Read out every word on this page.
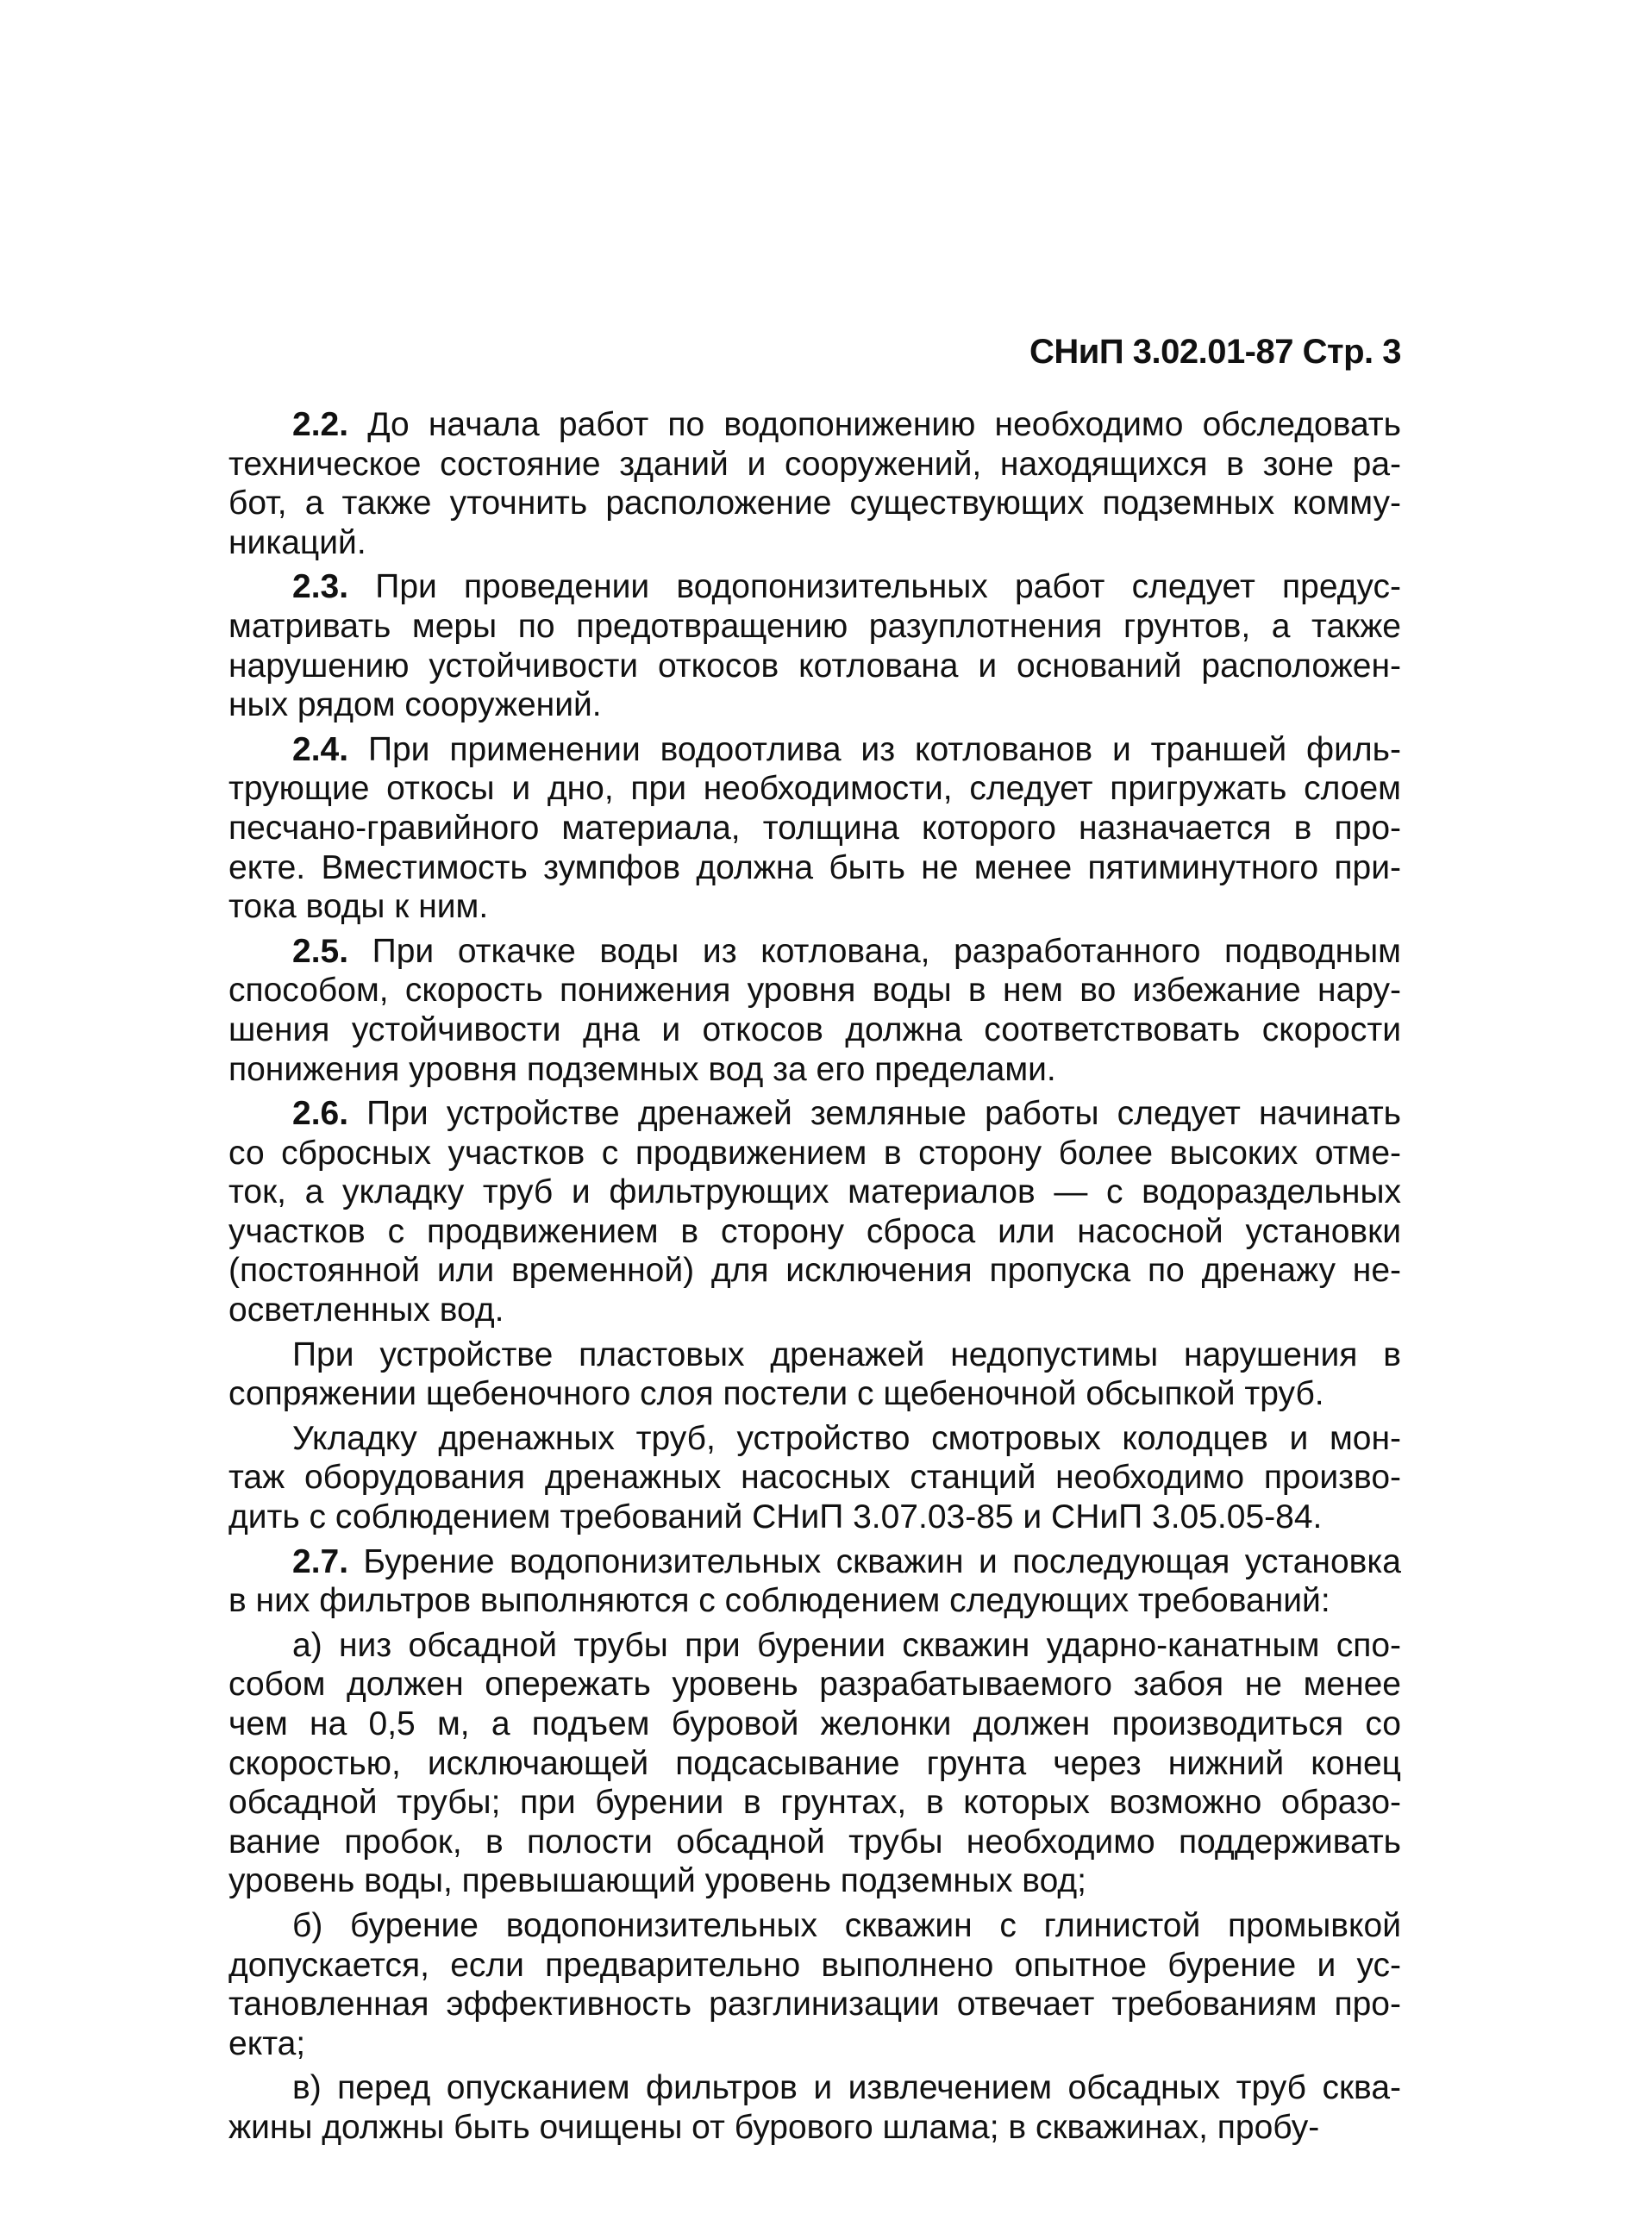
СНиП 3.02.01-87 Стр. 3
2.2. До начала работ по водопонижению необходимо обследовать
техническое состояние зданий и сооружений, находящихся в зоне ра-
бот, а также уточнить расположение существующих подземных комму-
никаций.
2.3. При проведении водопонизительных работ следует предус-
матривать меры по предотвращению разуплотнения грунтов, а также
нарушению устойчивости откосов котлована и оснований расположен-
ных рядом сооружений.
2.4. При применении водоотлива из котлованов и траншей филь-
трующие откосы и дно, при необходимости, следует пригружать слоем
песчано-гравийного материала, толщина которого назначается в про-
екте. Вместимость зумпфов должна быть не менее пятиминутного при-
тока воды к ним.
2.5. При откачке воды из котлована, разработанного подводным
способом, скорость понижения уровня воды в нем во избежание нару-
шения устойчивости дна и откосов должна соответствовать скорости
понижения уровня подземных вод за его пределами.
2.6. При устройстве дренажей земляные работы следует начинать
со сбросных участков с продвижением в сторону более высоких отме-
ток, а укладку труб и фильтрующих материалов — с водораздельных
участков с продвижением в сторону сброса или насосной установки
(постоянной или временной) для исключения пропуска по дренажу не-
осветленных вод.
При устройстве пластовых дренажей недопустимы нарушения в
сопряжении щебеночного слоя постели с щебеночной обсыпкой труб.
Укладку дренажных труб, устройство смотровых колодцев и мон-
таж оборудования дренажных насосных станций необходимо произво-
дить с соблюдением требований СНиП 3.07.03-85 и СНиП 3.05.05-84.
2.7. Бурение водопонизительных скважин и последующая установка
в них фильтров выполняются с соблюдением следующих требований:
а) низ обсадной трубы при бурении скважин ударно-канатным спо-
собом должен опережать уровень разрабатываемого забоя не менее
чем на 0,5 м, а подъем буровой желонки должен производиться со
скоростью, исключающей подсасывание грунта через нижний конец
обсадной трубы; при бурении в грунтах, в которых возможно образо-
вание пробок, в полости обсадной трубы необходимо поддерживать
уровень воды, превышающий уровень подземных вод;
б) бурение водопонизительных скважин с глинистой промывкой
допускается, если предварительно выполнено опытное бурение и ус-
тановленная эффективность разглинизации отвечает требованиям про-
екта;
в) перед опусканием фильтров и извлечением обсадных труб сква-
жины должны быть очищены от бурового шлама; в скважинах, пробу-
